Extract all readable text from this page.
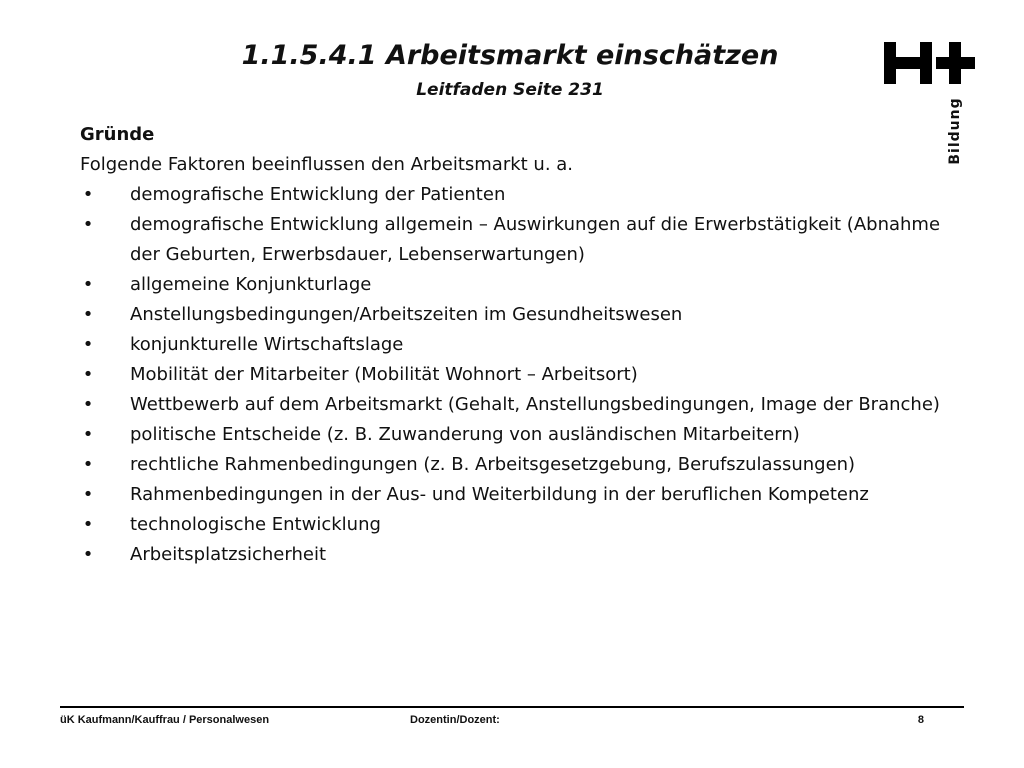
1.1.5.4.1 Arbeitsmarkt einschätzen
Leitfaden Seite 231
Bildung

Gründe

Folgende Faktoren beeinflussen den Arbeitsmarkt u. a.

• demografische Entwicklung der Patienten
• demografische Entwicklung allgemein – Auswirkungen auf die Erwerbstätigkeit (Abnahme der Geburten, Erwerbsdauer, Lebenserwartungen)
• allgemeine Konjunkturlage
• Anstellungsbedingungen/Arbeitszeiten im Gesundheitswesen
• konjunkturelle Wirtschaftslage
• Mobilität der Mitarbeiter (Mobilität Wohnort – Arbeitsort)
• Wettbewerb auf dem Arbeitsmarkt (Gehalt, Anstellungsbedingungen, Image der Branche)
• politische Entscheide (z. B. Zuwanderung von ausländischen Mitarbeitern)
• rechtliche Rahmenbedingungen (z. B. Arbeitsgesetzgebung, Berufszulassungen)
• Rahmenbedingungen in der Aus- und Weiterbildung in der beruflichen Kompetenz
• technologische Entwicklung
• Arbeitsplatzsicherheit
üK Kaufmann/Kauffrau / Personalwesen	Dozentin/Dozent:	8
